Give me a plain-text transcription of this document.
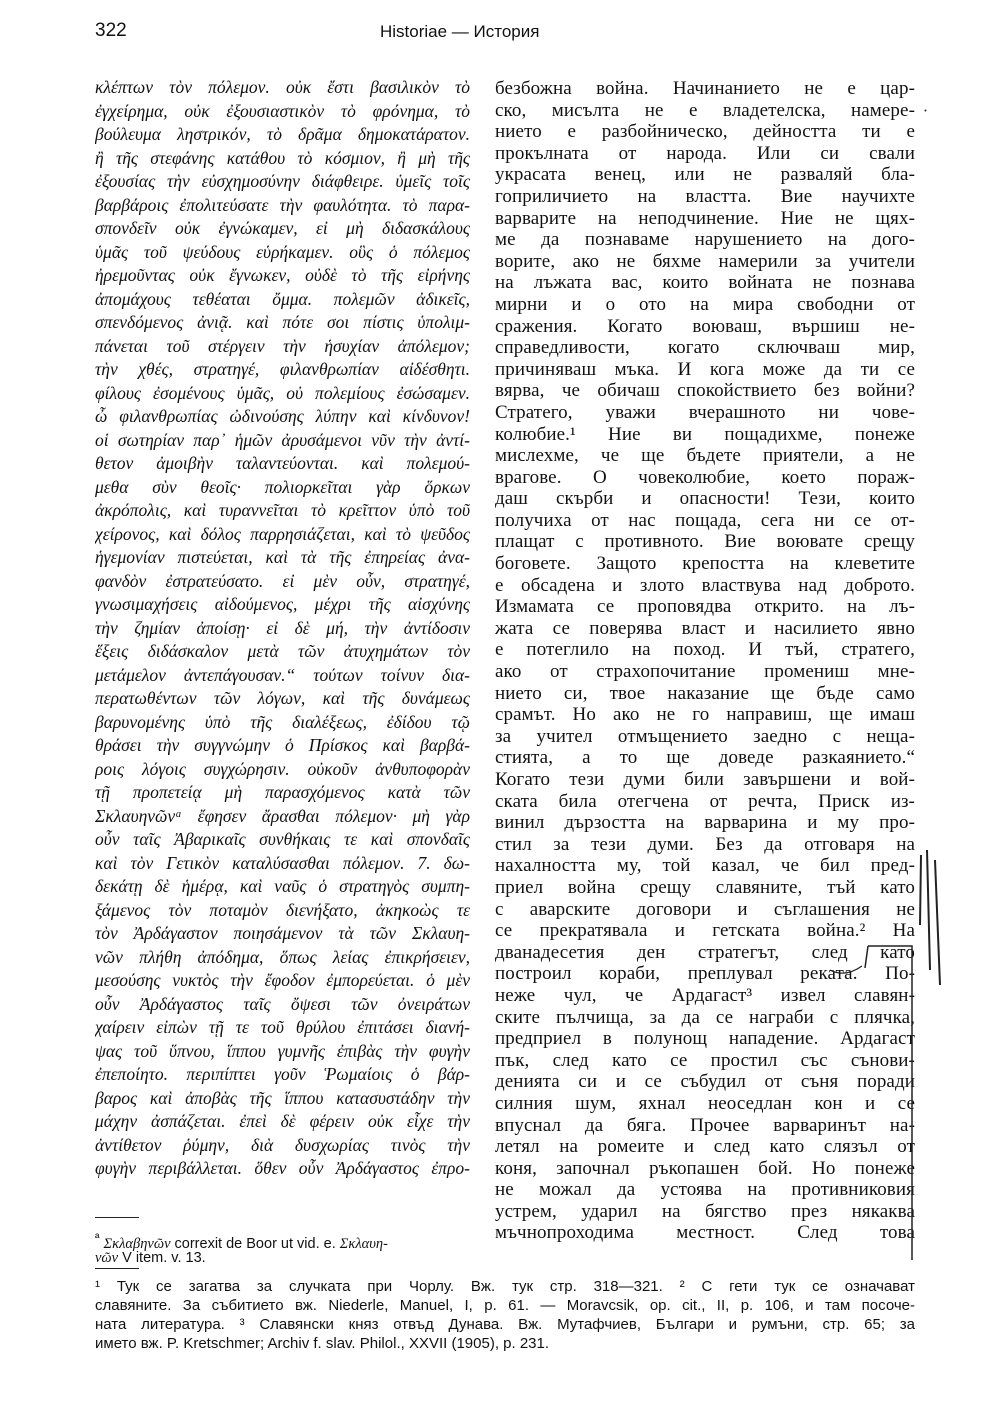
322	Historiae — История
κλέπτων τὸν πόλεμον. οὐκ ἔστι βασιλικὸν τὸ
ἐγχείρημα, οὐκ ἐξουσιαστικὸν τὸ φρόνημα, τὸ
βούλευμα ληστρικόν, τὸ δρᾶμα δημοκατάρατον.
ἢ τῆς στεφάνης κατάθου τὸ κόσμιον, ἢ μὴ τῆς
ἐξουσίας τὴν εὐσχημοσύνην διάφθειρε. ὑμεῖς τοῖς
βαρβάροις ἐπολιτεύσατε τὴν φαυλότητα. τὸ παρα-
σπονδεῖν οὐκ ἐγνώκαμεν, εἰ μὴ διδασκάλους
ὑμᾶς τοῦ ψεύδους εὑρήκαμεν. οὓς ὁ πόλεμος
ἠρεμοῦντας οὐκ ἔγνωκεν, οὐδὲ τὸ τῆς εἰρήνης
ἀπομάχους τεθέαται ὄμμα. πολεμῶν ἀδικεῖς,
σπενδόμενος ἀνιᾷ. καὶ πότε σοι πίστις ὑπολιμ-
πάνεται τοῦ στέργειν τὴν ἡσυχίαν ἀπόλεμον;
τὴν χθές, στρατηγέ, φιλανθρωπίαν αἰδέσθητι.
φίλους ἐσομένους ὑμᾶς, οὐ πολεμίους ἐσώσαμεν.
ὦ φιλανθρωπίας ὠδινούσης λύπην καὶ κίνδυνον!
οἱ σωτηρίαν παρ᾽ ἡμῶν ἀρυσάμενοι νῦν τὴν ἀντί-
θετον ἀμοιβὴν ταλαντεύονται. καὶ πολεμού-
μεθα σὺν θεοῖς· πολιορκεῖται γὰρ ὅρκων
ἀκρόπολις, καὶ τυραννεῖται τὸ κρεῖττον ὑπὸ τοῦ
χείρονος, καὶ δόλος παρρησιάζεται, καὶ τὸ ψεῦδος
ἡγεμονίαν πιστεύεται, καὶ τὰ τῆς ἐπηρείας ἀνα-
φανδὸν ἐστρατεύσατο. εἰ μὲν οὖν, στρατηγέ,
γνωσιμαχήσεις αἰδούμενος, μέχρι τῆς αἰσχύνης
τὴν ζημίαν ἀποίσῃ· εἰ δὲ μή, τὴν ἀντίδοσιν
ἕξεις διδάσκαλον μετὰ τῶν ἀτυχημάτων τὸν
μετάμελον ἀντεπάγουσαν.“ τούτων τοίνυν δια-
περατωθέντων τῶν λόγων, καὶ τῆς δυνάμεως
βαρυνομένης ὑπὸ τῆς διαλέξεως, ἐδίδου τῷ
θράσει τὴν συγγνώμην ὁ Πρίσκος καὶ βαρβά-
ροις λόγοις συγχώρησιν. οὐκοῦν ἀνθυποφορὰν
τῇ προπετείᾳ μὴ παρασχόμενος κατὰ τῶν
Σκλαυηνῶνᵃ ἔφησεν ἄρασθαι πόλεμον· μὴ γὰρ
οὖν ταῖς Ἀβαρικαῖς συνθήκαις τε καὶ σπονδαῖς
καὶ τὸν Γετικὸν καταλύσασθαι πόλεμον. 7. δω-
δεκάτῃ δὲ ἡμέρᾳ, καὶ ναῦς ὁ στρατηγὸς συμπη-
ξάμενος τὸν ποταμὸν διενήξατο, ἀκηκοὼς τε
τὸν Ἀρδάγαστον ποιησάμενον τὰ τῶν Σκλαυη-
νῶν πλήθη ἀπόδημα, ὅπως λείας ἐπικρήσειεν,
μεσούσης νυκτὸς τὴν ἔφοδον ἐμπορεύεται. ὁ μὲν
οὖν Ἀρδάγαστος ταῖς ὄψεσι τῶν ὀνειράτων
χαίρειν εἰπὼν τῇ τε τοῦ θρύλου ἐπιτάσει διανή-
ψας τοῦ ὕπνου, ἵππου γυμνῆς ἐπιβὰς τὴν φυγὴν
ἐπεποίητο. περιπίπτει γοῦν Ῥωμαίοις ὁ βάρ-
βαρος καὶ ἀποβὰς τῆς ἵππου κατασυστάδην τὴν
μάχην ἀσπάζεται. ἐπεὶ δὲ φέρειν οὐκ εἶχε τὴν
ἀντίθετον ῥύμην, διὰ δυσχωρίας τινὸς τὴν
φυγὴν περιβάλλεται. ὅθεν οὖν Ἀρδάγαστος ἐπρο-
безбожна война. Начинанието не е цар-
ско, мисълта не е владетелска, намере-
нието е разбойническо, дейността ти е
прокълната от народа. Или си свали
украсата венец, или не разваляй бла-
гоприличието на властта. Вие научихте
варварите на неподчинение. Ние не щях-
ме да познаваме нарушението на дого-
ворите, ако не бяхме намерили за учители
на лъжата вас, които войната не познава
мирни и о ото на мира свободни от
сражения. Когато воюваш, вършиш не-
справедливости, когато сключваш мир,
причиняваш мъка. И кога може да ти се
вярва, че обичаш спокойствието без войни?
Стратего, уважи вчерашното ни чове-
колюбие.¹ Ние ви пощадихме, понеже
мислехме, че ще бъдете приятели, а не
врагове. О човеколюбие, което пораж-
даш скърби и опасности! Тези, които
получиха от нас пощада, сега ни се от-
плащат с противното. Вие воювате срещу
боговете. Защото крепостта на клеветите
е обсадена и злото властвува над доброто.
Измамата се проповядва открито. на лъ-
жата се поверява власт и насилието явно
е потеглило на поход. И тъй, стратего,
ако от страхопочитание промениш мне-
нието си, твое наказание ще бъде само
срамът. Но ако не го направиш, ще имаш
за учител отмъщението заедно с неща-
стията, а то ще доведе разкаянието.“
Когато тези думи били завършени и вой-
ската била отегчена от речта, Приск из-
винил дързостта на варварина и му про-
стил за тези думи. Без да отговаря на
нахалността му, той казал, че бил пред-
приел война срещу славяните, тъй като
с аварските договори и съглашения не
се прекратявала и гетската война.² На
дванадесетия ден стратегът, след като
построил кораби, преплувал реката. По-
неже чул, че Ардагаст³ извел славян-
ските пълчища, за да се награби с плячка,
предприел в полунощ нападение. Ардагаст
пък, след като се простил със сънови-
денията си и се събудил от съня поради
силния шум, яхнал неоседлан кон и се
впуснал да бяга. Прочее варваринът на-
летял на ромеите и след като слязъл от
коня, започнал ръкопашен бой. Но понеже
не можал да устоява на противниковия
устрем, ударил на бягство през някаква
мъчнопроходима местност. След това
$^ª$ Σκλαβηνῶν correxit de Boor ut vid. e. Σκλαυη-
νῶν V item. v. 13.
¹ Тук се загатва за случката при Чорлу. Вж. тук стр. 318—321. ² С гети тук се означават
славяните. За събитието вж. Niederle, Manuel, I, p. 61. — Moravcsik, op. cit., II, p. 106, и там посоче-
ната литература. ³ Славянски княз отвъд Дунава. Вж. Мутафчиев, Българи и румъни, стр. 65; за
името вж. P. Kretschmer; Archiv f. slav. Philol., XXVII (1905), p. 231.
